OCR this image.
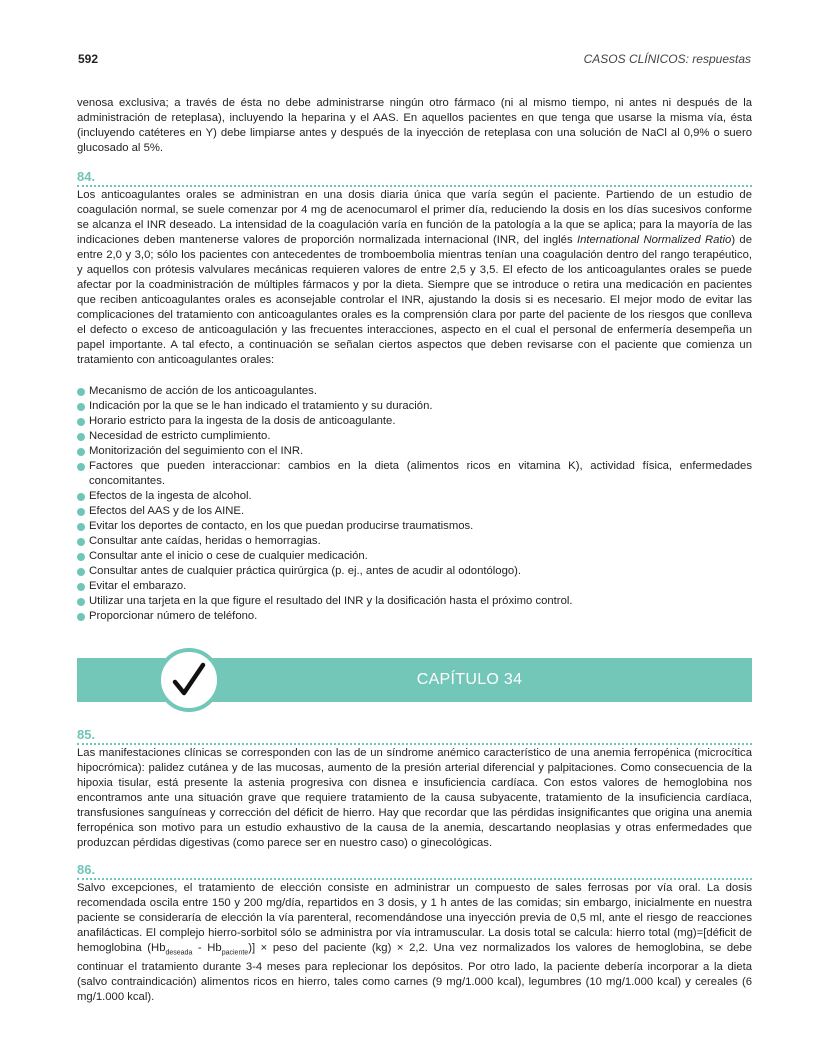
592	CASOS CLÍNICOS: respuestas

venosa exclusiva; a través de ésta no debe administrarse ningún otro fármaco (ni al mismo tiempo, ni antes ni después de la administración de reteplasa), incluyendo la heparina y el AAS. En aquellos pacientes en que tenga que usarse la misma vía, ésta (incluyendo catéteres en Y) debe limpiarse antes y después de la inyección de reteplasa con una solución de NaCl al 0,9% o suero glucosado al 5%.

84.

Los anticoagulantes orales se administran en una dosis diaria única que varía según el paciente. Partiendo de un estudio de coagulación normal, se suele comenzar por 4 mg de acenocumarol el primer día, reduciendo la dosis en los días sucesivos conforme se alcanza el INR deseado. La intensidad de la coagulación varía en función de la patología a la que se aplica; para la mayoría de las indicaciones deben mantenerse valores de proporción normalizada internacional (INR, del inglés International Normalized Ratio) de entre 2,0 y 3,0; sólo los pacientes con antecedentes de tromboembolia mientras tenían una coagulación dentro del rango terapéutico, y aquellos con prótesis valvulares mecánicas requieren valores de entre 2,5 y 3,5. El efecto de los anticoagulantes orales se puede afectar por la coadministración de múltiples fármacos y por la dieta. Siempre que se introduce o retira una medicación en pacientes que reciben anticoagulantes orales es aconsejable controlar el INR, ajustando la dosis si es necesario. El mejor modo de evitar las complicaciones del tratamiento con anticoagulantes orales es la comprensión clara por parte del paciente de los riesgos que conlleva el defecto o exceso de anticoagulación y las frecuentes interacciones, aspecto en el cual el personal de enfermería desempeña un papel importante. A tal efecto, a continuación se señalan ciertos aspectos que deben revisarse con el paciente que comienza un tratamiento con anticoagulantes orales:

Mecanismo de acción de los anticoagulantes.
Indicación por la que se le han indicado el tratamiento y su duración.
Horario estricto para la ingesta de la dosis de anticoagulante.
Necesidad de estricto cumplimiento.
Monitorización del seguimiento con el INR.
Factores que pueden interaccionar: cambios en la dieta (alimentos ricos en vitamina K), actividad física, enfermedades concomitantes.
Efectos de la ingesta de alcohol.
Efectos del AAS y de los AINE.
Evitar los deportes de contacto, en los que puedan producirse traumatismos.
Consultar ante caídas, heridas o hemorragias.
Consultar ante el inicio o cese de cualquier medicación.
Consultar antes de cualquier práctica quirúrgica (p. ej., antes de acudir al odontólogo).
Evitar el embarazo.
Utilizar una tarjeta en la que figure el resultado del INR y la dosificación hasta el próximo control.
Proporcionar número de teléfono.
CAPÍTULO 34
85.

Las manifestaciones clínicas se corresponden con las de un síndrome anémico característico de una anemia ferropénica (microcítica hipocrómica): palidez cutánea y de las mucosas, aumento de la presión arterial diferencial y palpitaciones. Como consecuencia de la hipoxia tisular, está presente la astenia progresiva con disnea e insuficiencia cardíaca. Con estos valores de hemoglobina nos encontramos ante una situación grave que requiere tratamiento de la causa subyacente, tratamiento de la insuficiencia cardíaca, transfusiones sanguíneas y corrección del déficit de hierro. Hay que recordar que las pérdidas insignificantes que origina una anemia ferropénica son motivo para un estudio exhaustivo de la causa de la anemia, descartando neoplasias y otras enfermedades que produzcan pérdidas digestivas (como parece ser en nuestro caso) o ginecológicas.

86.

Salvo excepciones, el tratamiento de elección consiste en administrar un compuesto de sales ferrosas por vía oral. La dosis recomendada oscila entre 150 y 200 mg/día, repartidos en 3 dosis, y 1 h antes de las comidas; sin embargo, inicialmente en nuestra paciente se consideraría de elección la vía parenteral, recomendándose una inyección previa de 0,5 ml, ante el riesgo de reacciones anafilácticas. El complejo hierro-sorbitol sólo se administra por vía intramuscular. La dosis total se calcula: hierro total (mg)=[déficit de hemoglobina $(Hb_{deseada} - Hb_{paciente})$] × peso del paciente (kg) × 2,2. Una vez normalizados los valores de hemoglobina, se debe continuar el tratamiento durante 3-4 meses para replecionar los depósitos. Por otro lado, la paciente debería incorporar a la dieta (salvo contraindicación) alimentos ricos en hierro, tales como carnes (9 mg/1.000 kcal), legumbres (10 mg/1.000 kcal) y cereales (6 mg/1.000 kcal).
